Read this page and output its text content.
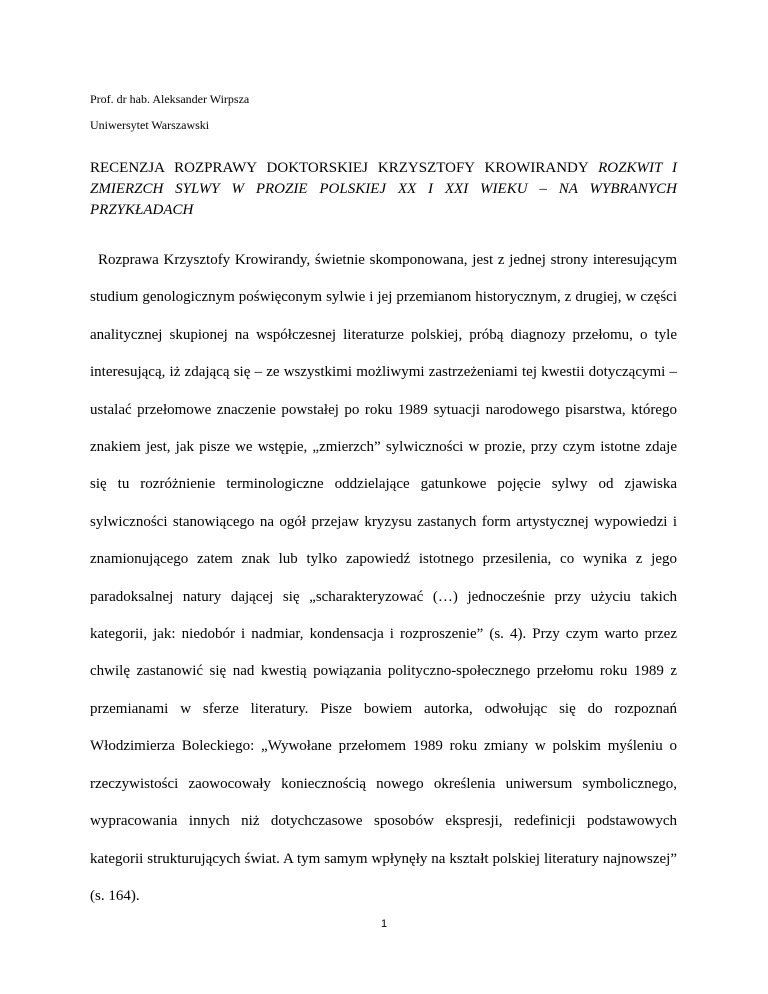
Prof. dr hab. Aleksander Wirpsza
Uniwersytet Warszawski
RECENZJA ROZPRAWY DOKTORSKIEJ KRZYSZTOFY KROWIRANDY ROZKWIT I ZMIERZCH SYLWY W PROZIE POLSKIEJ XX I XXI WIEKU – NA WYBRANYCH PRZYKŁADACH

Rozprawa Krzysztofy Krowirandy, świetnie skomponowana, jest z jednej strony interesującym studium genologicznym poświęconym sylwie i jej przemianom historycznym, z drugiej, w części analitycznej skupionej na współczesnej literaturze polskiej, próbą diagnozy przełomu, o tyle interesującą, iż zdającą się – ze wszystkimi możliwymi zastrzeżeniami tej kwestii dotyczącymi – ustalać przełomowe znaczenie powstałej po roku 1989 sytuacji narodowego pisarstwa, którego znakiem jest, jak pisze we wstępie, „zmierzch” sylwiczności w prozie, przy czym istotne zdaje się tu rozróżnienie terminologiczne oddzielające gatunkowe pojęcie sylwy od zjawiska sylwiczności stanowiącego na ogół przejaw kryzysu zastanych form artystycznej wypowiedzi i znamionującego zatem znak lub tylko zapowiedź istotnego przesilenia, co wynika z jego paradoksalnej natury dającej się „scharakteryzować (…) jednocześnie przy użyciu takich kategorii, jak: niedobór i nadmiar, kondensacja i rozproszenie” (s. 4). Przy czym warto przez chwilę zastanowić się nad kwestią powiązania polityczno-społecznego przełomu roku 1989 z przemianami w sferze literatury. Pisze bowiem autorka, odwołując się do rozpoznań Włodzimierza Boleckiego: „Wywołane przełomem 1989 roku zmiany w polskim myśleniu o rzeczywistości zaowocowały koniecznością nowego określenia uniwersum symbolicznego, wypracowania innych niż dotychczasowe sposobów ekspresji, redefinicji podstawowych kategorii strukturujących świat. A tym samym wpłynęły na kształt polskiej literatury najnowszej” (s. 164).

1
